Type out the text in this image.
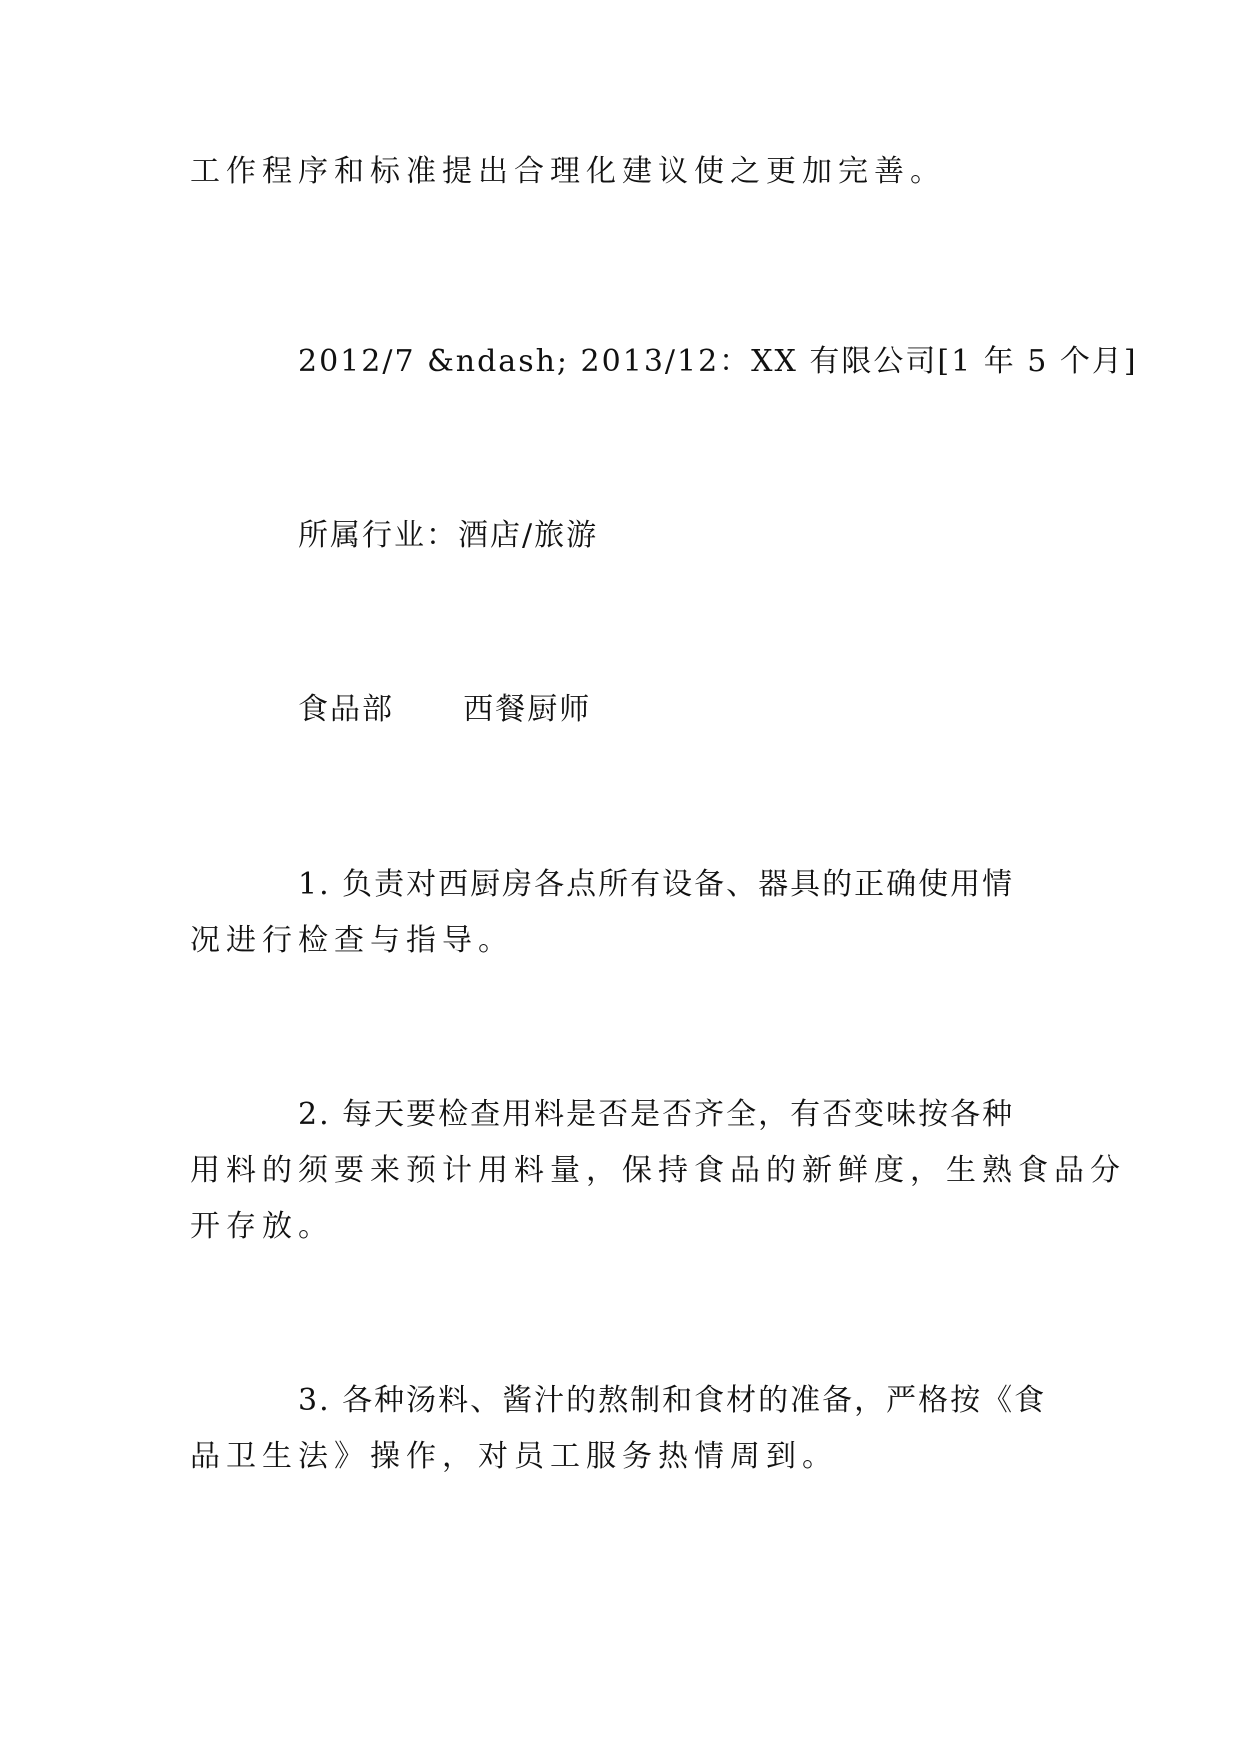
工作程序和标准提出合理化建议使之更加完善。
2012/7 &ndash; 2013/12：XX 有限公司[1 年 5 个月]
所属行业：酒店/旅游
食品部      西餐厨师
1. 负责对西厨房各点所有设备、器具的正确使用情
况进行检查与指导。
2. 每天要检查用料是否是否齐全，有否变味按各种
用料的须要来预计用料量，保持食品的新鲜度，生熟食品分
开存放。
3. 各种汤料、酱汁的熬制和食材的准备，严格按《食
品卫生法》操作，对员工服务热情周到。
